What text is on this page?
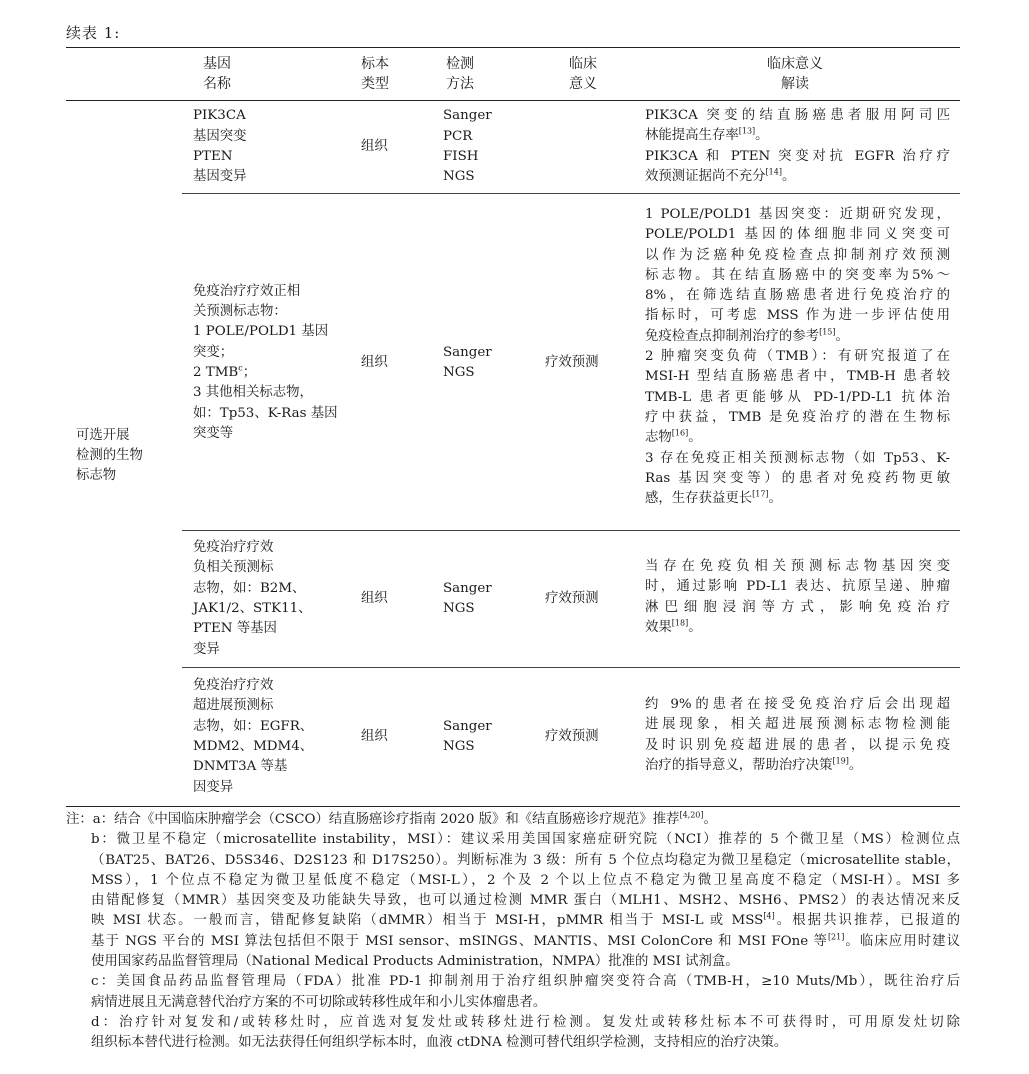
续表 1:
基因
名称
标本
类型
检测
方法
临床
意义
临床意义
解读
可选开展
检测的生物
标志物
PIK3CA
基因突变
PTEN
基因变异
组织
Sanger
PCR
FISH
NGS
PIK3CA 突变的结直肠癌患者服用阿司匹
林能提高生存率[13]。
PIK3CA 和 PTEN 突变对抗 EGFR 治疗疗
效预测证据尚不充分[14]。
免疫治疗疗效正相
关预测标志物：
1 POLE/POLD1 基因
突变；
2 TMB$^c$；
3 其他相关标志物，
如：Tp53、K-Ras 基因
突变等
组织
Sanger
NGS
疗效预测
1 POLE/POLD1 基因突变：近期研究发现，
POLE/POLD1 基因的体细胞非同义突变可
以作为泛癌种免疫检查点抑制剂疗效预测
标志物。其在结直肠癌中的突变率为5%～
8%，在筛选结直肠癌患者进行免疫治疗的
指标时，可考虑 MSS 作为进一步评估使用
免疫检查点抑制剂治疗的参考[15]。
2 肿瘤突变负荷（TMB）：有研究报道了在
MSI-H 型结直肠癌患者中，TMB-H 患者较
TMB-L 患者更能够从 PD-1/PD-L1 抗体治
疗中获益，TMB 是免疫治疗的潜在生物标
志物[16]。
3 存在免疫正相关预测标志物（如 Tp53、K-
Ras 基因突变等）的患者对免疫药物更敏
感，生存获益更长[17]。
免疫治疗疗效
负相关预测标
志物，如：B2M、
JAK1/2、STK11、
PTEN 等基因
变异
组织
Sanger
NGS
疗效预测
当存在免疫负相关预测标志物基因突变
时，通过影响 PD-L1 表达、抗原呈递、肿瘤
淋巴细胞浸润等方式，影响免疫治疗
效果[18]。
免疫治疗疗效
超进展预测标
志物，如：EGFR、
MDM2、MDM4、
DNMT3A 等基
因变异
组织
Sanger
NGS
疗效预测
约 9%的患者在接受免疫治疗后会出现超
进展现象，相关超进展预测标志物检测能
及时识别免疫超进展的患者，以提示免疫
治疗的指导意义，帮助治疗决策[19]。
注：a：结合《中国临床肿瘤学会（CSCO）结直肠癌诊疗指南 2020 版》和《结直肠癌诊疗规范》推荐[4,20]。
b：微卫星不稳定（microsatellite instability，MSI）：建议采用美国国家癌症研究院（NCI）推荐的 5 个微卫星（MS）检测位点
（BAT25、BAT26、D5S346、D2S123 和 D17S250）。判断标准为 3 级：所有 5 个位点均稳定为微卫星稳定（microsatellite stable，
MSS），1 个位点不稳定为微卫星低度不稳定（MSI-L），2 个及 2 个以上位点不稳定为微卫星高度不稳定（MSI-H）。MSI 多
由错配修复（MMR）基因突变及功能缺失导致，也可以通过检测 MMR 蛋白（MLH1、MSH2、MSH6、PMS2）的表达情况来反
映 MSI 状态。一般而言，错配修复缺陷（dMMR）相当于 MSI-H，pMMR 相当于 MSI-L 或 MSS[4]。根据共识推荐，已报道的
基于 NGS 平台的 MSI 算法包括但不限于 MSI sensor、mSINGS、MANTIS、MSI ColonCore 和 MSI FOne 等[21]。临床应用时建议
使用国家药品监督管理局（National Medical Products Administration，NMPA）批准的 MSI 试剂盒。
c：美国食品药品监督管理局（FDA）批准 PD-1 抑制剂用于治疗组织肿瘤突变符合高（TMB-H，≥10 Muts/Mb），既往治疗后
病情进展且无满意替代治疗方案的不可切除或转移性成年和小儿实体瘤患者。
d：治疗针对复发和/或转移灶时，应首选对复发灶或转移灶进行检测。复发灶或转移灶标本不可获得时，可用原发灶切除
组织标本替代进行检测。如无法获得任何组织学标本时，血液 ctDNA 检测可替代组织学检测，支持相应的治疗决策。
